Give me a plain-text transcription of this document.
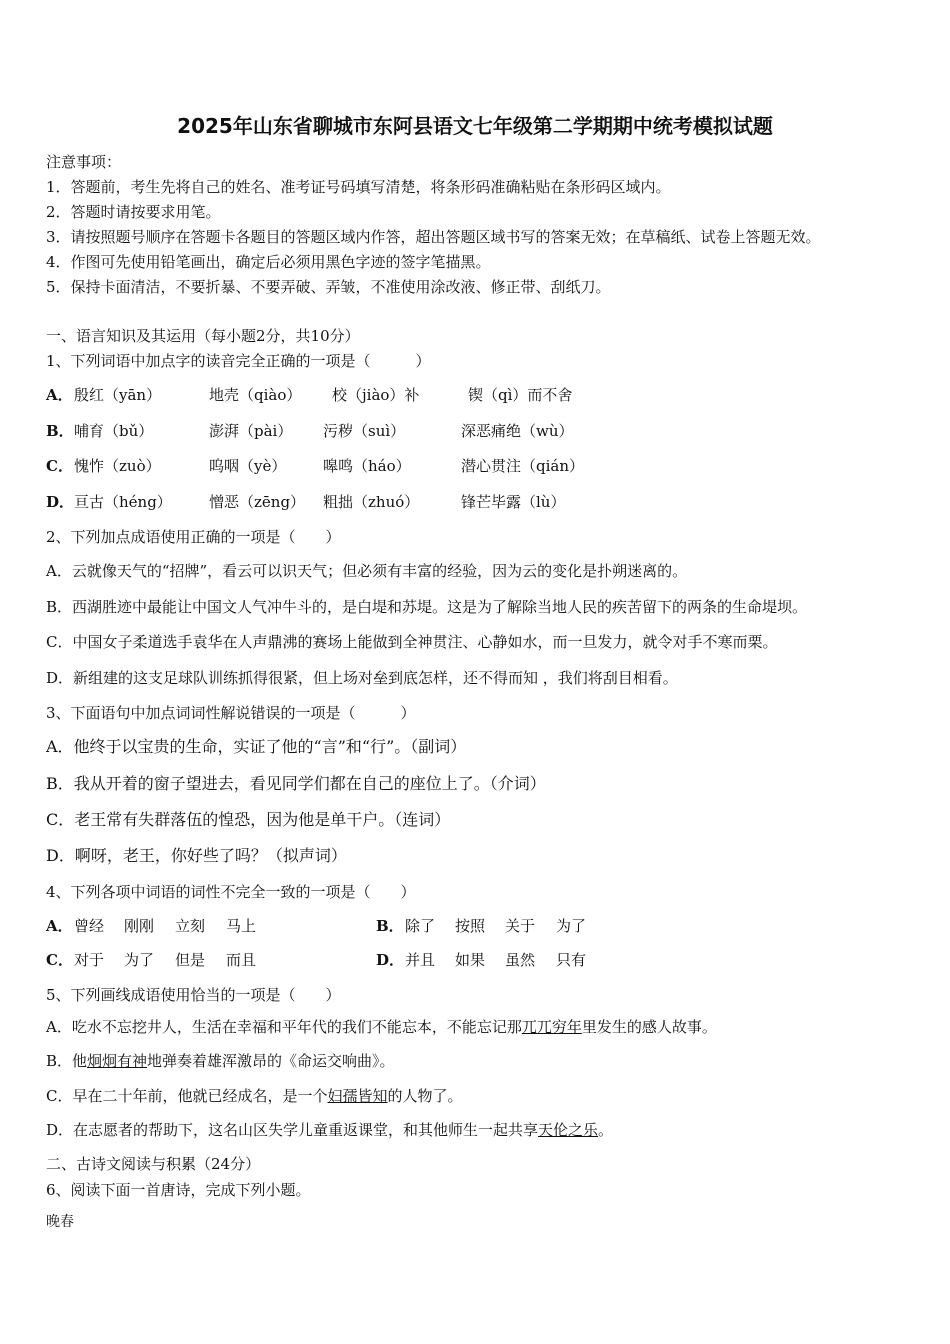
2025年山东省聊城市东阿县语文七年级第二学期期中统考模拟试题
注意事项：
1．答题前，考生先将自己的姓名、准考证号码填写清楚，将条形码准确粘贴在条形码区域内。
2．答题时请按要求用笔。
3．请按照题号顺序在答题卡各题目的答题区域内作答，超出答题区域书写的答案无效；在草稿纸、试卷上答题无效。
4．作图可先使用铅笔画出，确定后必须用黑色字迹的签字笔描黑。
5．保持卡面清洁，不要折暴、不要弄破、弄皱，不准使用涂改液、修正带、刮纸刀。
一、语言知识及其运用（每小题2分，共10分）
1、下列词语中加点字的读音完全正确的一项是（　　　）
A． 殷红（yān）	地壳（qiào） 校（jiào）补	锲（qì）而不舍
B． 哺育（bǔ）	澎湃（pài） 污秽（suì）	深恶痛绝（wù）
C． 愧怍（zuò）	呜咽（yè） 嗥鸣（háo）	潜心贯注（qián）
D． 亘古（héng） 憎恶（zēng） 粗拙（zhuó）	锋芒毕露（lù）
2、下列加点成语使用正确的一项是（　　）
A．云就像天气的“招牌”，看云可以识天气；但必须有丰富的经验，因为云的变化是扑朔迷离的。
B．西湖胜迹中最能让中国文人气冲牛斗的，是白堤和苏堤。这是为了解除当地人民的疾苦留下的两条的生命堤坝。
C．中国女子柔道选手袁华在人声鼎沸的赛场上能做到全神贯注、心静如水，而一旦发力，就令对手不寒而栗。
D．新组建的这支足球队训练抓得很紧，但上场对垒到底怎样，还不得而知 ，我们将刮目相看。
3、下面语句中加点词词性解说错误的一项是（　　　）
A．他终于以宝贵的生命，实证了他的“言”和“行”。（副词）
B．我从开着的窗子望进去，看见同学们都在自己的座位上了。（介词）
C．老王常有失群落伍的惶恐，因为他是单干户。（连词）
D．啊呀，老王，你好些了吗？（拟声词）
4、下列各项中词语的词性不完全一致的一项是（　　）
A． 曾经 刚刚 立刻 马上	B． 除了 按照 关于 为了
C． 对于 为了 但是 而且	D． 并且 如果 虽然 只有
5、下列画线成语使用恰当的一项是（　　）
A．吃水不忘挖井人，生活在幸福和平年代的我们不能忘本，不能忘记那兀兀穷年里发生的感人故事。
B．他炯炯有神地弹奏着雄浑激昂的《命运交响曲》。
C．早在二十年前，他就已经成名，是一个妇孺皆知的人物了。
D．在志愿者的帮助下，这名山区失学儿童重返课堂，和其他师生一起共享天伦之乐。
二、古诗文阅读与积累（24分）
6、阅读下面一首唐诗，完成下列小题。
晚春
